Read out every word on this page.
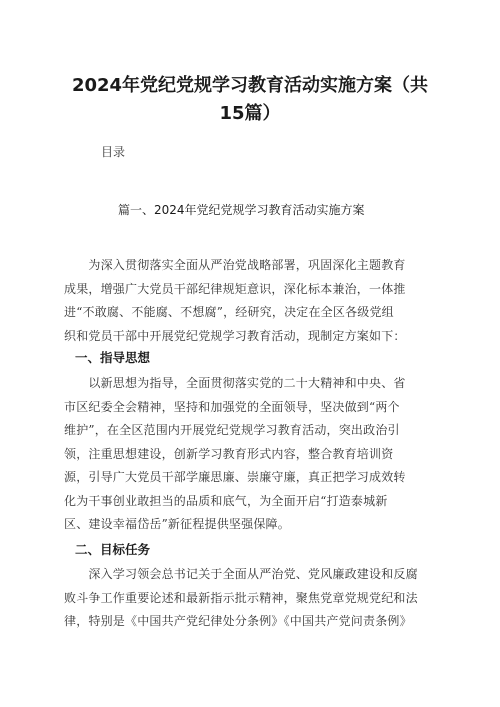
2024年党纪党规学习教育活动实施方案（共
15篇）
目录
篇一、2024年党纪党规学习教育活动实施方案
　　为深入贯彻落实全面从严治党战略部署，巩固深化主题教育
成果，增强广大党员干部纪律规矩意识，深化标本兼治，一体推
进“不敢腐、不能腐、不想腐”，经研究，决定在全区各级党组
织和党员干部中开展党纪党规学习教育活动，现制定方案如下：
一、指导思想
　　以新思想为指导，全面贯彻落实党的二十大精神和中央、省
市区纪委全会精神，坚持和加强党的全面领导，坚决做到“两个
维护”，在全区范围内开展党纪党规学习教育活动，突出政治引
领，注重思想建设，创新学习教育形式内容，整合教育培训资
源，引导广大党员干部学廉思廉、崇廉守廉，真正把学习成效转
化为干事创业敢担当的品质和底气，为全面开启“打造泰城新
区、建设幸福岱岳”新征程提供坚强保障。
二、目标任务
　　深入学习领会总书记关于全面从严治党、党风廉政建设和反腐
败斗争工作重要论述和最新指示批示精神，聚焦党章党规党纪和法
律，特别是《中国共产党纪律处分条例》《中国共产党问责条例》
